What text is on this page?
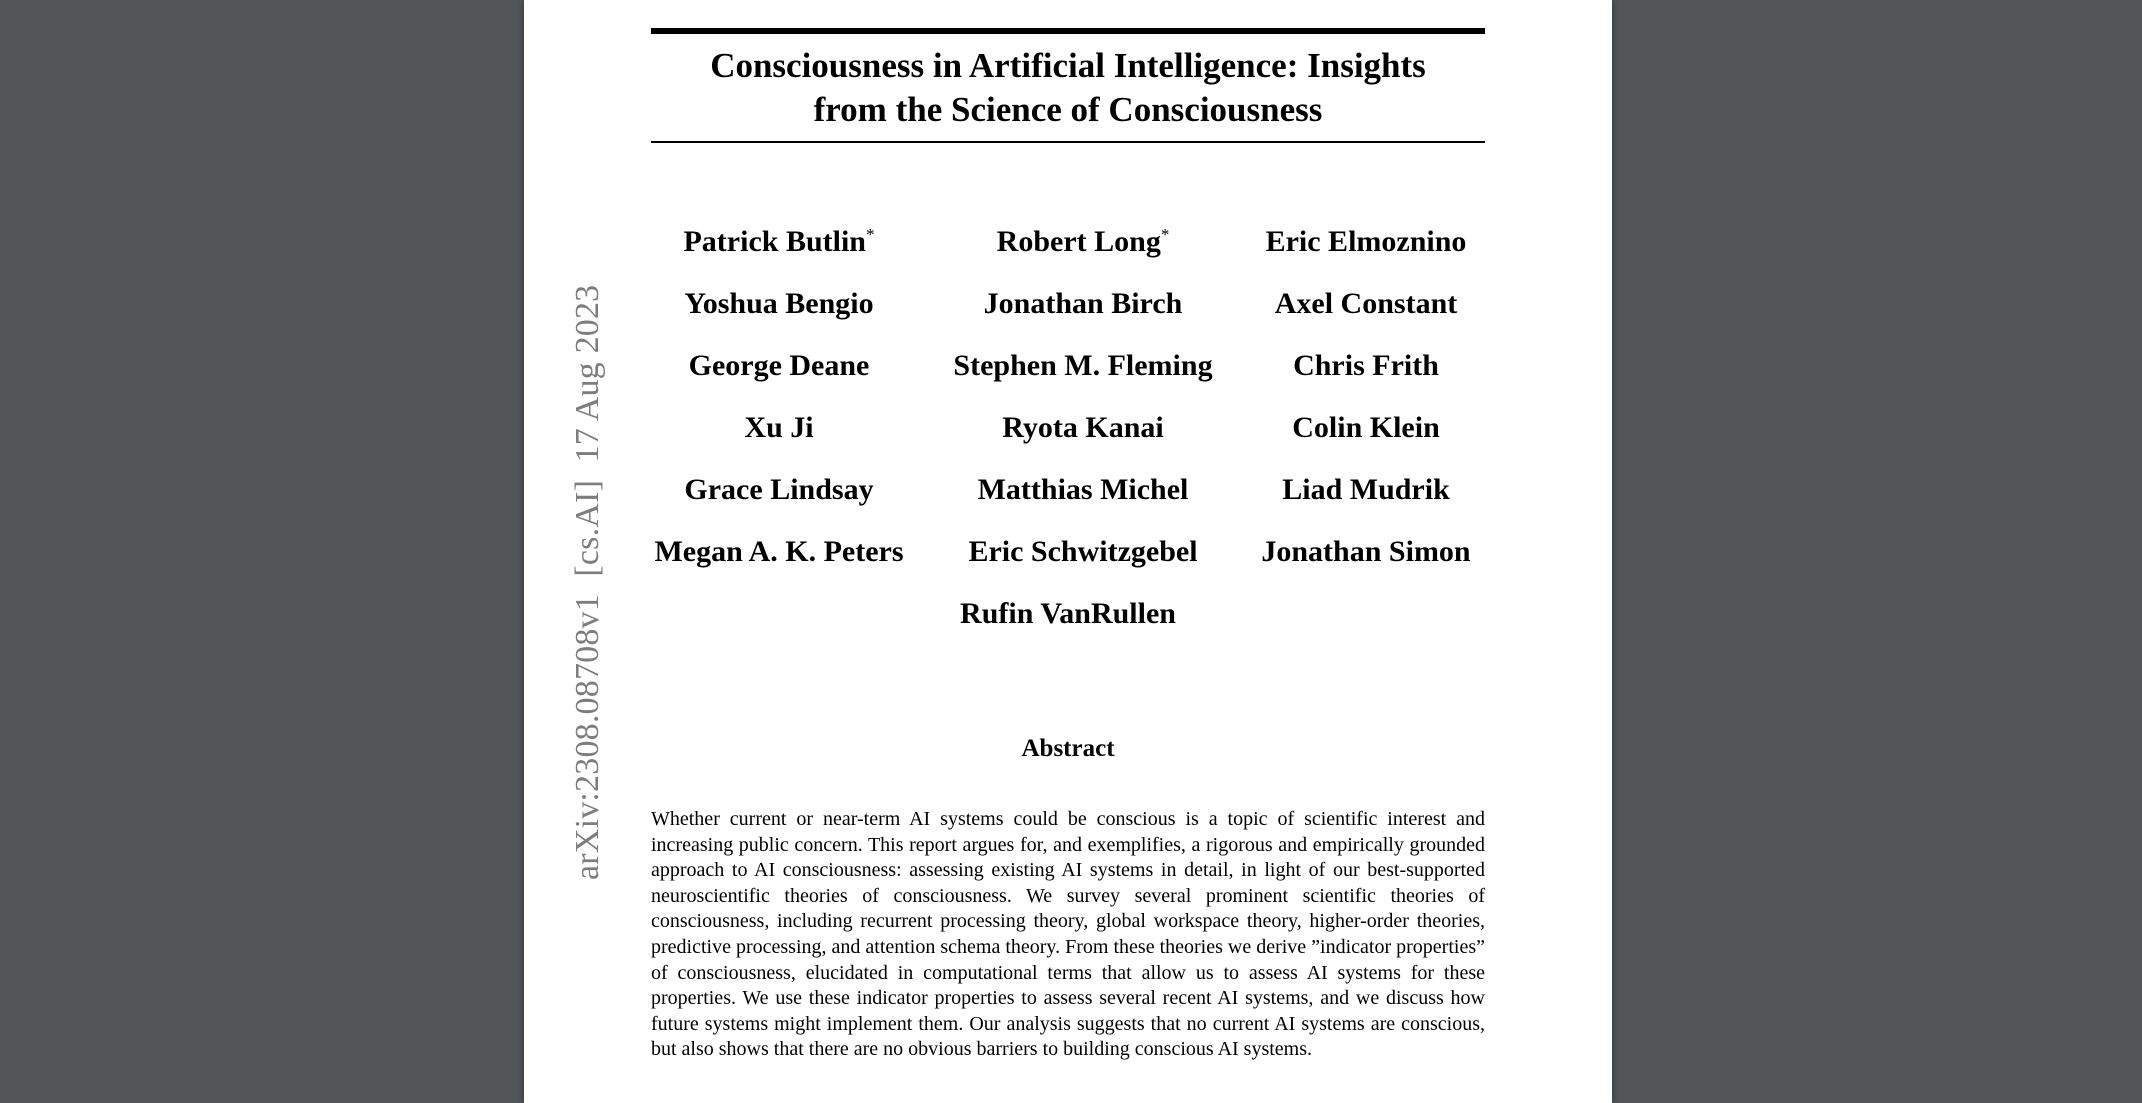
Consciousness in Artificial Intelligence: Insights
from the Science of Consciousness
arXiv:2308.08708v1  [cs.AI]  17 Aug 2023
Patrick Butlin*	Robert Long*	Eric Elmoznino
Yoshua Bengio	Jonathan Birch	Axel Constant
George Deane	Stephen M. Fleming	Chris Frith
Xu Ji	Ryota Kanai	Colin Klein
Grace Lindsay	Matthias Michel	Liad Mudrik
Megan A. K. Peters	Eric Schwitzgebel	Jonathan Simon
Rufin VanRullen
Abstract
Whether current or near-term AI systems could be conscious is a topic of scientific interest and increasing public concern. This report argues for, and exemplifies, a rigorous and empirically grounded approach to AI consciousness: assessing existing AI systems in detail, in light of our best-supported neuroscientific theories of consciousness. We survey several prominent scientific theories of consciousness, including recurrent processing theory, global workspace theory, higher-order theories, predictive processing, and attention schema theory. From these theories we derive ”indicator properties” of consciousness, elucidated in computational terms that allow us to assess AI systems for these properties. We use these indicator properties to assess several recent AI systems, and we discuss how future systems might implement them. Our analysis suggests that no current AI systems are conscious, but also shows that there are no obvious barriers to building conscious AI systems.
